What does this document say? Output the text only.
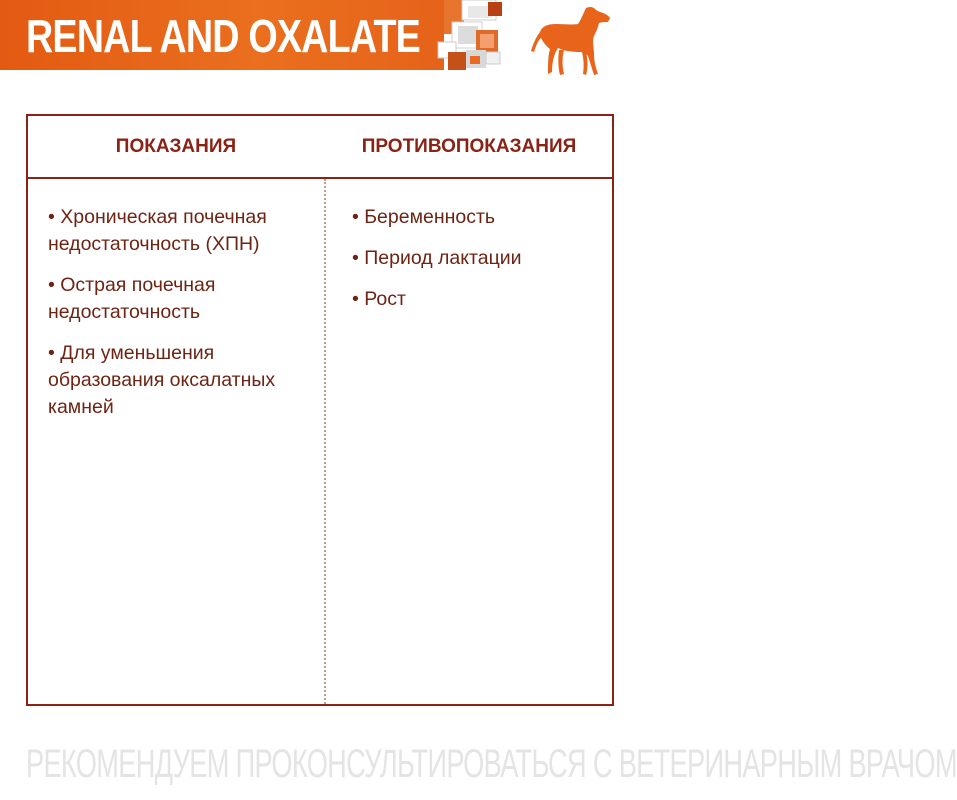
RENAL AND OXALATE
ПОКАЗАНИЯ	ПРОТИВОПОКАЗАНИЯ
• Хроническая почечная недостаточность (ХПН)
• Острая почечная недостаточность
• Для уменьшения образования оксалатных камней
• Беременность
• Период лактации
• Рост
РЕКОМЕНДУЕМ ПРОКОНСУЛЬТИРОВАТЬСЯ С ВЕТЕРИНАРНЫМ ВРАЧОМ
